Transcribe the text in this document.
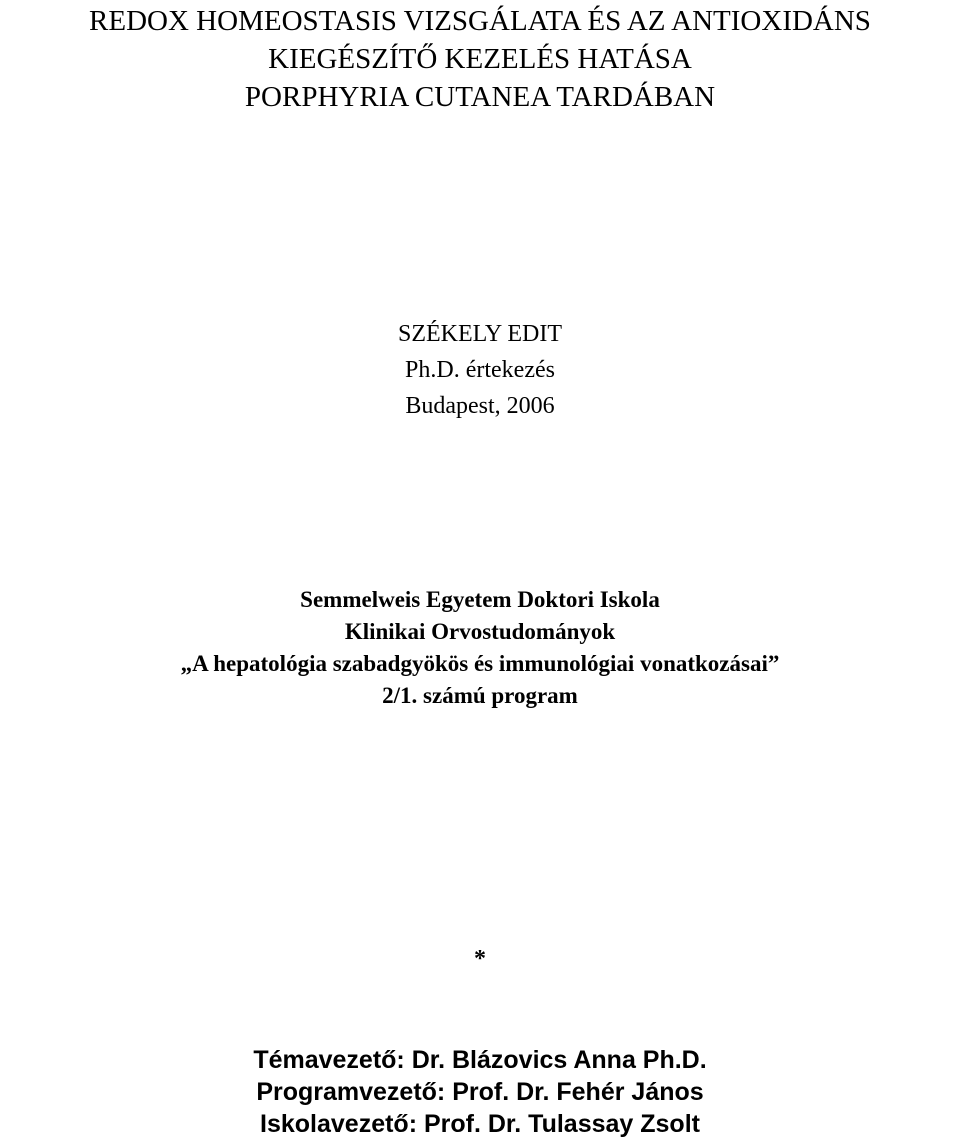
REDOX HOMEOSTASIS VIZSGÁLATA ÉS AZ ANTIOXIDÁNS
KIEGÉSZÍTŐ KEZELÉS HATÁSA
PORPHYRIA CUTANEA TARDÁBAN
SZÉKELY EDIT
Ph.D. értekezés
Budapest, 2006
Semmelweis Egyetem Doktori Iskola
Klinikai Orvostudományok
„A hepatológia szabadgyökös és immunológiai vonatkozásai”
2/1. számú program
*
Témavezető: Dr. Blázovics Anna Ph.D.
Programvezető: Prof. Dr. Fehér János
Iskolavezető: Prof. Dr. Tulassay Zsolt
